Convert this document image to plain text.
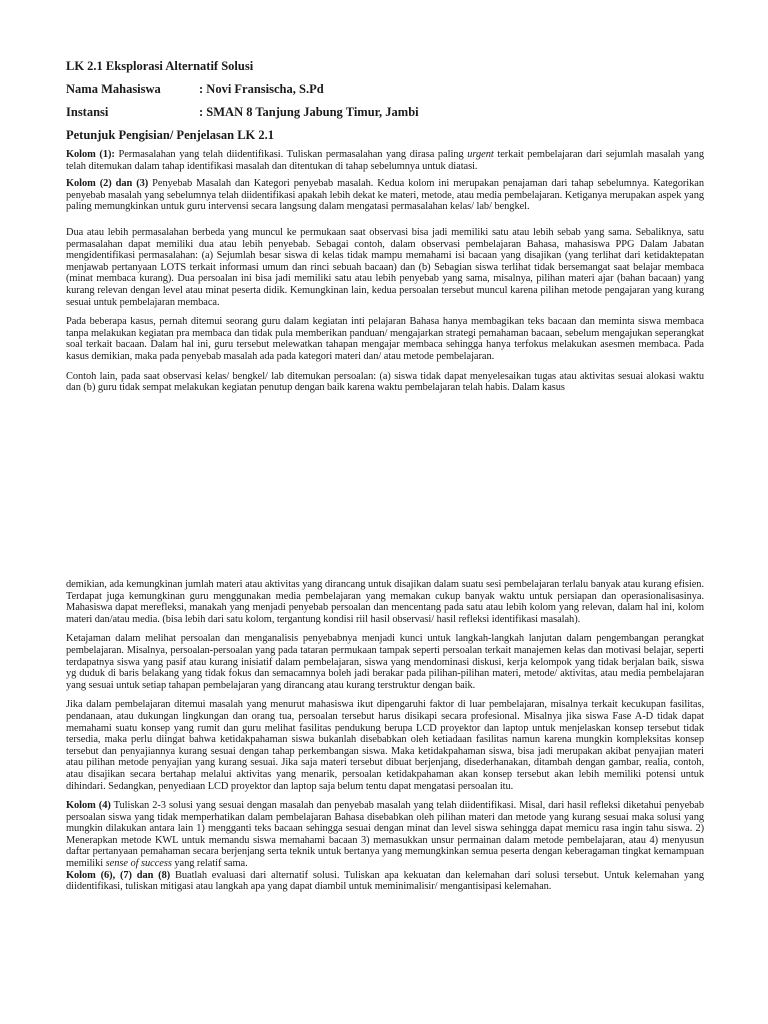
LK 2.1 Eksplorasi Alternatif Solusi
Nama Mahasiswa	: Novi Fransischa, S.Pd
Instansi	: SMAN 8 Tanjung Jabung Timur, Jambi
Petunjuk Pengisian/ Penjelasan LK 2.1

Kolom (1): Permasalahan yang telah diidentifikasi. Tuliskan permasalahan yang dirasa paling urgent terkait pembelajaran dari sejumlah masalah yang telah ditemukan dalam tahap identifikasi masalah dan ditentukan di tahap sebelumnya untuk diatasi.

Kolom (2) dan (3) Penyebab Masalah dan Kategori penyebab masalah. Kedua kolom ini merupakan penajaman dari tahap sebelumnya. Kategorikan penyebab masalah yang sebelumnya telah diidentifikasi apakah lebih dekat ke materi, metode, atau media pembelajaran. Ketiganya merupakan aspek yang paling memungkinkan untuk guru intervensi secara langsung dalam mengatasi permasalahan kelas/ lab/ bengkel.

Dua atau lebih permasalahan berbeda yang muncul ke permukaan saat observasi bisa jadi memiliki satu atau lebih sebab yang sama. Sebaliknya, satu permasalahan dapat memiliki dua atau lebih penyebab. Sebagai contoh, dalam observasi pembelajaran Bahasa, mahasiswa PPG Dalam Jabatan mengidentifikasi permasalahan: (a) Sejumlah besar siswa di kelas tidak mampu memahami isi bacaan yang disajikan (yang terlihat dari ketidaktepatan menjawab pertanyaan LOTS terkait informasi umum dan rinci sebuah bacaan) dan (b) Sebagian siswa terlihat tidak bersemangat saat belajar membaca (minat membaca kurang). Dua persoalan ini bisa jadi memiliki satu atau lebih penyebab yang sama, misalnya, pilihan materi ajar (bahan bacaan) yang kurang relevan dengan level atau minat peserta didik. Kemungkinan lain, kedua persoalan tersebut muncul karena pilihan metode pengajaran yang kurang sesuai untuk pembelajaran membaca.

Pada beberapa kasus, pernah ditemui seorang guru dalam kegiatan inti pelajaran Bahasa hanya membagikan teks bacaan dan meminta siswa membaca tanpa melakukan kegiatan pra membaca dan tidak pula memberikan panduan/ mengajarkan strategi pemahaman bacaan, sebelum mengajukan seperangkat soal terkait bacaan. Dalam hal ini, guru tersebut melewatkan tahapan mengajar membaca sehingga hanya terfokus melakukan asesmen membaca. Pada kasus demikian, maka pada penyebab masalah ada pada kategori materi dan/ atau metode pembelajaran.

Contoh lain, pada saat observasi kelas/ bengkel/ lab ditemukan persoalan: (a) siswa tidak dapat menyelesaikan tugas atau aktivitas sesuai alokasi waktu dan (b) guru tidak sempat melakukan kegiatan penutup dengan baik karena waktu pembelajaran telah habis. Dalam kasus

demikian, ada kemungkinan jumlah materi atau aktivitas yang dirancang untuk disajikan dalam suatu sesi pembelajaran terlalu banyak atau kurang efisien. Terdapat juga kemungkinan guru menggunakan media pembelajaran yang memakan cukup banyak waktu untuk persiapan dan operasionalisasinya. Mahasiswa dapat merefleksi, manakah yang menjadi penyebab persoalan dan mencentang pada satu atau lebih kolom yang relevan, dalam hal ini, kolom materi dan/atau media. (bisa lebih dari satu kolom, tergantung kondisi riil hasil observasi/ hasil refleksi identifikasi masalah).

Ketajaman dalam melihat persoalan dan menganalisis penyebabnya menjadi kunci untuk langkah-langkah lanjutan dalam pengembangan perangkat pembelajaran. Misalnya, persoalan-persoalan yang pada tataran permukaan tampak seperti persoalan terkait manajemen kelas dan motivasi belajar, seperti terdapatnya siswa yang pasif atau kurang inisiatif dalam pembelajaran, siswa yang mendominasi diskusi, kerja kelompok yang tidak berjalan baik, siswa yg duduk di baris belakang yang tidak fokus dan semacamnya boleh jadi berakar pada pilihan-pilihan materi, metode/ aktivitas, atau media pembelajaran yang sesuai untuk setiap tahapan pembelajaran yang dirancang atau kurang terstruktur dengan baik.

Jika dalam pembelajaran ditemui masalah yang menurut mahasiswa ikut dipengaruhi faktor di luar pembelajaran, misalnya terkait kecukupan fasilitas, pendanaan, atau dukungan lingkungan dan orang tua, persoalan tersebut harus disikapi secara profesional. Misalnya jika siswa Fase A-D tidak dapat memahami suatu konsep yang rumit dan guru melihat fasilitas pendukung berupa LCD proyektor dan laptop untuk menjelaskan konsep tersebut tidak tersedia, maka perlu diingat bahwa ketidakpahaman siswa bukanlah disebabkan oleh ketiadaan fasilitas namun karena mungkin kompleksitas konsep tersebut dan penyajiannya kurang sesuai dengan tahap perkembangan siswa. Maka ketidakpahaman siswa, bisa jadi merupakan akibat penyajian materi atau pilihan metode penyajian yang kurang sesuai. Jika saja materi tersebut dibuat berjenjang, disederhanakan, ditambah dengan gambar, realia, contoh, atau disajikan secara bertahap melalui aktivitas yang menarik, persoalan ketidakpahaman akan konsep tersebut akan lebih memiliki potensi untuk dihindari. Sedangkan, penyediaan LCD proyektor dan laptop saja belum tentu dapat mengatasi persoalan itu.

Kolom (4) Tuliskan 2-3 solusi yang sesuai dengan masalah dan penyebab masalah yang telah diidentifikasi. Misal, dari hasil refleksi diketahui penyebab persoalan siswa yang tidak memperhatikan dalam pembelajaran Bahasa disebabkan oleh pilihan materi dan metode yang kurang sesuai maka solusi yang mungkin dilakukan antara lain 1) mengganti teks bacaan sehingga sesuai dengan minat dan level siswa sehingga dapat memicu rasa ingin tahu siswa. 2) Menerapkan metode KWL untuk memandu siswa memahami bacaan 3) memasukkan unsur permainan dalam metode pembelajaran, atau 4) menyusun daftar pertanyaan pemahaman secara berjenjang serta teknik untuk bertanya yang memungkinkan semua peserta dengan keberagaman tingkat kemampuan memiliki sense of success yang relatif sama.

Kolom (6), (7) dan (8) Buatlah evaluasi dari alternatif solusi. Tuliskan apa kekuatan dan kelemahan dari solusi tersebut. Untuk kelemahan yang diidentifikasi, tuliskan mitigasi atau langkah apa yang dapat diambil untuk meminimalisir/ mengantisipasi kelemahan.
